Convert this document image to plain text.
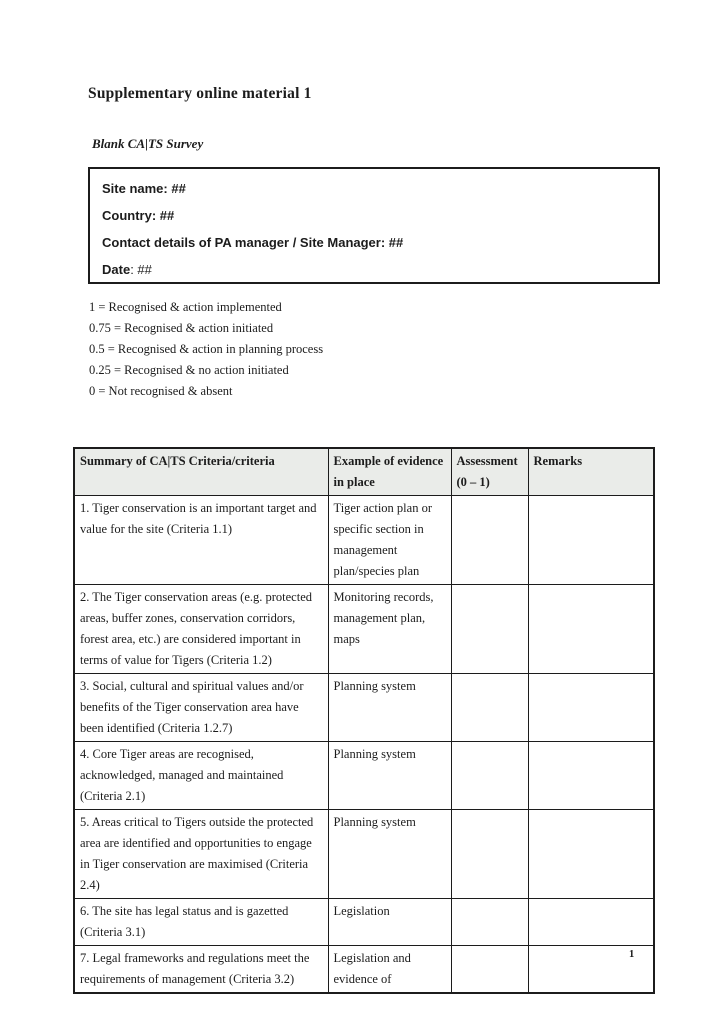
Supplementary online material 1
Blank CA|TS Survey
Site name: ##
Country: ##
Contact details of PA manager / Site Manager: ##
Date: ##
1 = Recognised & action implemented
0.75 = Recognised & action initiated
0.5 = Recognised & action in planning process
0.25 = Recognised & no action initiated
0 = Not recognised & absent
Summary of CA|TS Criteria/criteria	Example of evidence in place	Assessment (0 – 1)	Remarks
1. Tiger conservation is an important target and value for the site (Criteria 1.1)	Tiger action plan or specific section in management plan/species plan		
2. The Tiger conservation areas (e.g. protected areas, buffer zones, conservation corridors, forest area, etc.) are considered important in terms of value for Tigers (Criteria 1.2)	Monitoring records, management plan, maps		
3. Social, cultural and spiritual values and/or benefits of the Tiger conservation area have been identified (Criteria 1.2.7)	Planning system		
4. Core Tiger areas are recognised, acknowledged, managed and maintained (Criteria 2.1)	Planning system		
5. Areas critical to Tigers outside the protected area are identified and opportunities to engage in Tiger conservation are maximised (Criteria 2.4)	Planning system		
6. The site has legal status and is gazetted (Criteria 3.1)	Legislation		
7. Legal frameworks and regulations meet the requirements of management (Criteria 3.2)	Legislation and evidence of		
1
